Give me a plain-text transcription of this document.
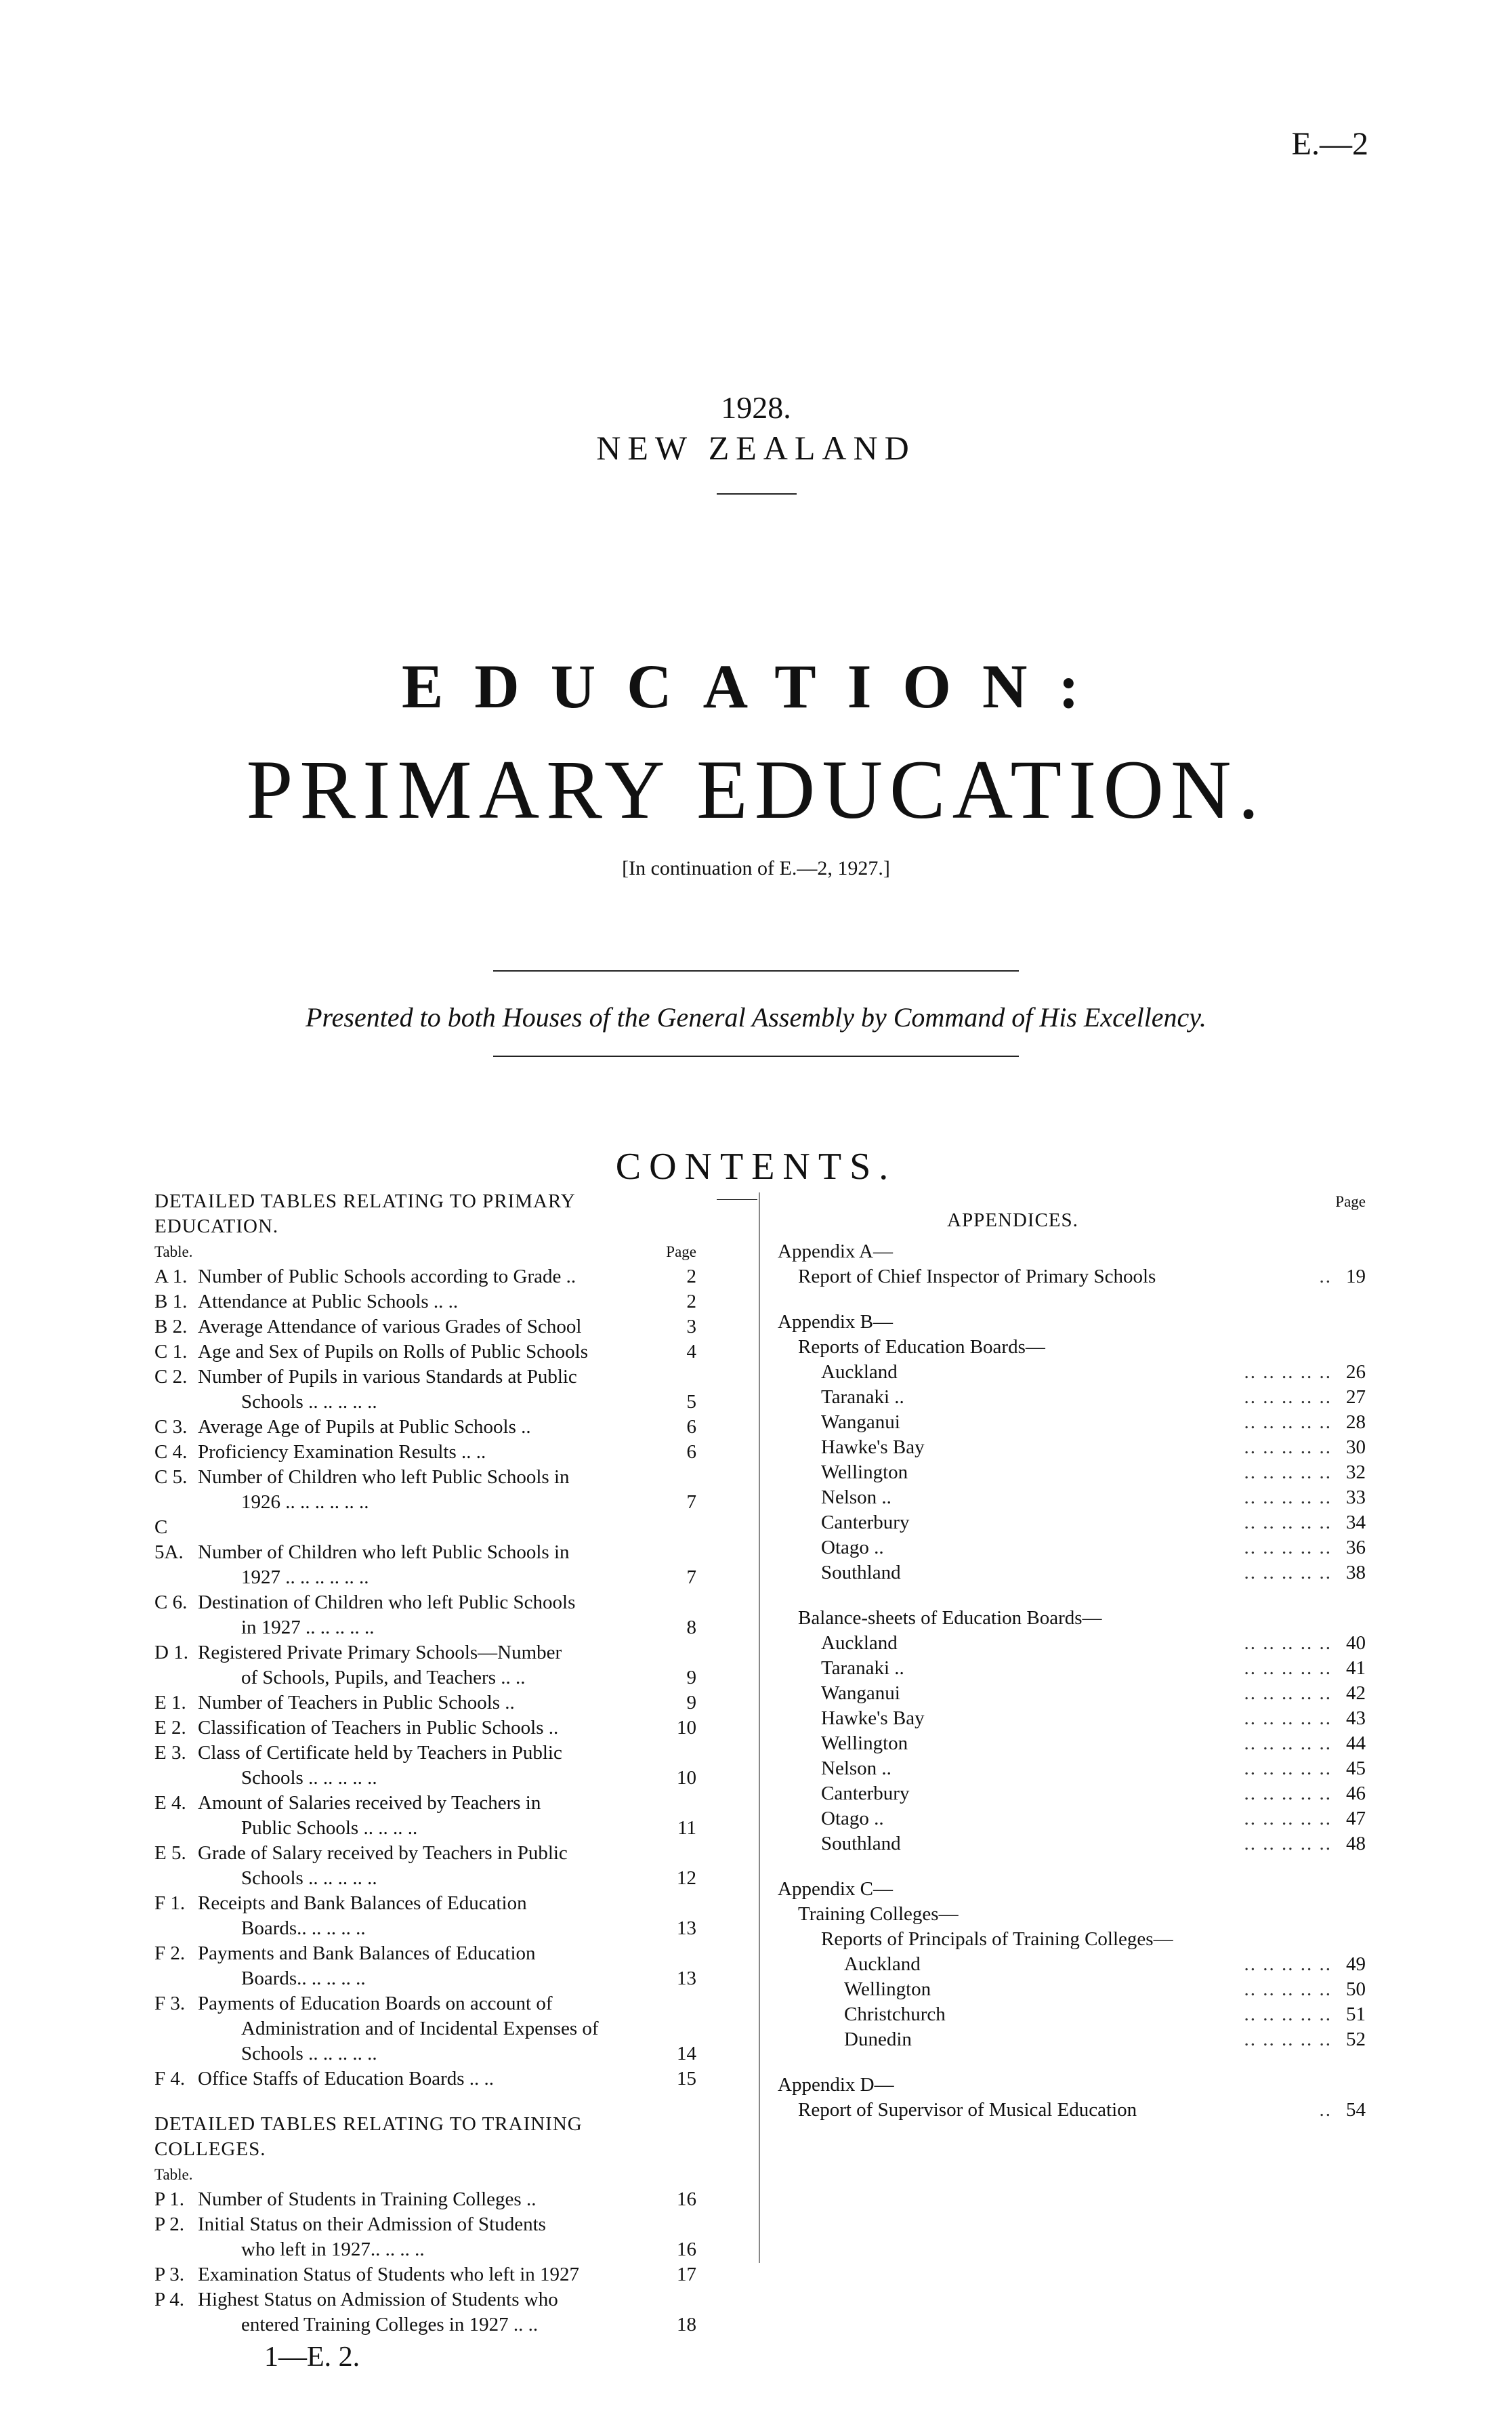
E.—2
1928.
NEW ZEALAND
EDUCATION:
PRIMARY EDUCATION.
[In continuation of E.—2, 1927.]
Presented to both Houses of the General Assembly by Command of His Excellency.
CONTENTS.
DETAILED TABLES RELATING TO PRIMARY EDUCATION.
Table.	Page
A 1. Number of Public Schools according to Grade ..	2
B 1. Attendance at Public Schools .. ..	2
B 2. Average Attendance of various Grades of School	3
C 1. Age and Sex of Pupils on Rolls of Public Schools	4
C 2. Number of Pupils in various Standards at Public
Schools .. .. .. .. ..	5
C 3. Average Age of Pupils at Public Schools ..	6
C 4. Proficiency Examination Results .. ..	6
C 5. Number of Children who left Public Schools in
1926 .. .. .. .. .. ..	7
C 5A. Number of Children who left Public Schools in
1927 .. .. .. .. .. ..	7
C 6. Destination of Children who left Public Schools
in 1927 .. .. .. .. ..	8
D 1. Registered Private Primary Schools—Number
of Schools, Pupils, and Teachers .. ..	9
E 1. Number of Teachers in Public Schools ..	9
E 2. Classification of Teachers in Public Schools ..	10
E 3. Class of Certificate held by Teachers in Public
Schools .. .. .. .. ..	10
E 4. Amount of Salaries received by Teachers in
Public Schools .. .. .. ..	11
E 5. Grade of Salary received by Teachers in Public
Schools .. .. .. .. ..	12
F 1. Receipts and Bank Balances of Education
Boards.. .. .. .. ..	13
F 2. Payments and Bank Balances of Education
Boards.. .. .. .. ..	13
F 3. Payments of Education Boards on account of
Administration and of Incidental Expenses of
Schools .. .. .. .. ..	14
F 4. Office Staffs of Education Boards .. ..	15
DETAILED TABLES RELATING TO TRAINING COLLEGES.
Table.
P 1. Number of Students in Training Colleges ..	16
P 2. Initial Status on their Admission of Students
who left in 1927.. .. .. ..	16
P 3. Examination Status of Students who left in 1927	17
P 4. Highest Status on Admission of Students who
entered Training Colleges in 1927 .. ..	18
Page
APPENDICES.
Appendix A—
Report of Chief Inspector of Primary Schools	.. 19
Appendix B—
Reports of Education Boards—
Auckland	.. .. .. .. .. 26
Taranaki ..	.. .. .. .. .. 27
Wanganui	.. .. .. .. .. 28
Hawke's Bay	.. .. .. .. .. 30
Wellington	.. .. .. .. .. 32
Nelson ..	.. .. .. .. .. 33
Canterbury	.. .. .. .. .. 34
Otago ..	.. .. .. .. .. 36
Southland	.. .. .. .. .. 38
Balance-sheets of Education Boards—
Auckland	.. .. .. .. .. 40
Taranaki ..	.. .. .. .. .. 41
Wanganui	.. .. .. .. .. 42
Hawke's Bay	.. .. .. .. .. 43
Wellington	.. .. .. .. .. 44
Nelson ..	.. .. .. .. .. 45
Canterbury	.. .. .. .. .. 46
Otago ..	.. .. .. .. .. 47
Southland	.. .. .. .. .. 48
Appendix C—
Training Colleges—
Reports of Principals of Training Colleges—
Auckland	.. .. .. .. .. 49
Wellington	.. .. .. .. .. 50
Christchurch	.. .. .. .. .. 51
Dunedin	.. .. .. .. .. 52
Appendix D—
Report of Supervisor of Musical Education	.. 54
1—E. 2.
